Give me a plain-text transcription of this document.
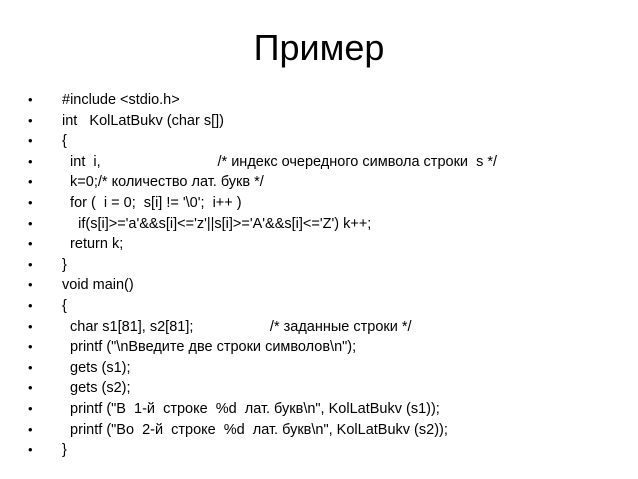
Пример
•	#include <stdio.h>
•	int   KolLatBukv (char s[])
•	{
•	int  i,                             /* индекс очередного символа строки  s */
•	k=0;/* количество лат. букв */
•	for (  i = 0;  s[i] != '\0';  i++ )
•	if(s[i]>='a'&&s[i]<='z'||s[i]>='A'&&s[i]<='Z') k++;
•	return k;
•	}
•	void main()
•	{
•	char s1[81], s2[81];                   /* заданные строки */
•	printf ("\nВведите две строки символов\n");
•	gets (s1);
•	gets (s2);
•	printf ("В  1-й  строке  %d  лат. букв\n", KolLatBukv (s1));
•	printf ("Во  2-й  строке  %d  лат. букв\n", KolLatBukv (s2));
•	}
